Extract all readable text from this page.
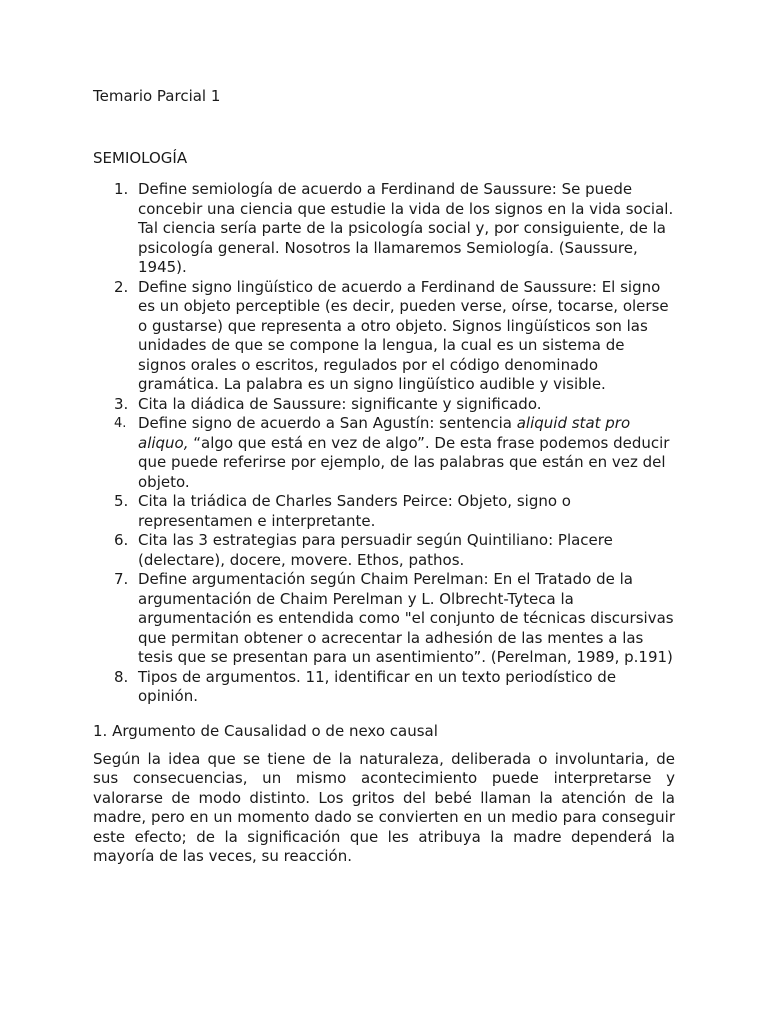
Temario Parcial 1

SEMIOLOGÍA

1. Define semiología de acuerdo a Ferdinand de Saussure: Se puede concebir una ciencia que estudie la vida de los signos en la vida social. Tal ciencia sería parte de la psicología social y, por consiguiente, de la psicología general. Nosotros la llamaremos Semiología. (Saussure, 1945).
2. Define signo lingüístico de acuerdo a Ferdinand de Saussure: El signo es un objeto perceptible (es decir, pueden verse, oírse, tocarse, olerse o gustarse) que representa a otro objeto. Signos lingüísticos son las unidades de que se compone la lengua, la cual es un sistema de signos orales o escritos, regulados por el código denominado gramática. La palabra es un signo lingüístico audible y visible.
3. Cita la diádica de Saussure: significante y significado.
4. Define signo de acuerdo a San Agustín: sentencia aliquid stat pro aliquo, “algo que está en vez de algo”. De esta frase podemos deducir que puede referirse por ejemplo, de las palabras que están en vez del objeto.
5. Cita la triádica de Charles Sanders Peirce: Objeto, signo o representamen e interpretante.
6. Cita las 3 estrategias para persuadir según Quintiliano: Placere (delectare), docere, movere. Ethos, pathos.
7. Define argumentación según Chaim Perelman: En el Tratado de la argumentación de Chaim Perelman y L. Olbrecht-Tyteca la argumentación es entendida como "el conjunto de técnicas discursivas que permitan obtener o acrecentar la adhesión de las mentes a las tesis que se presentan para un asentimiento”. (Perelman, 1989, p.191)
8. Tipos de argumentos. 11, identificar en un texto periodístico de opinión.

1. Argumento de Causalidad o de nexo causal

Según la idea que se tiene de la naturaleza, deliberada o involuntaria, de sus consecuencias, un mismo acontecimiento puede interpretarse y valorarse de modo distinto. Los gritos del bebé llaman la atención de la madre, pero en un momento dado se convierten en un medio para conseguir este efecto; de la significación que les atribuya la madre dependerá la mayoría de las veces, su reacción.
